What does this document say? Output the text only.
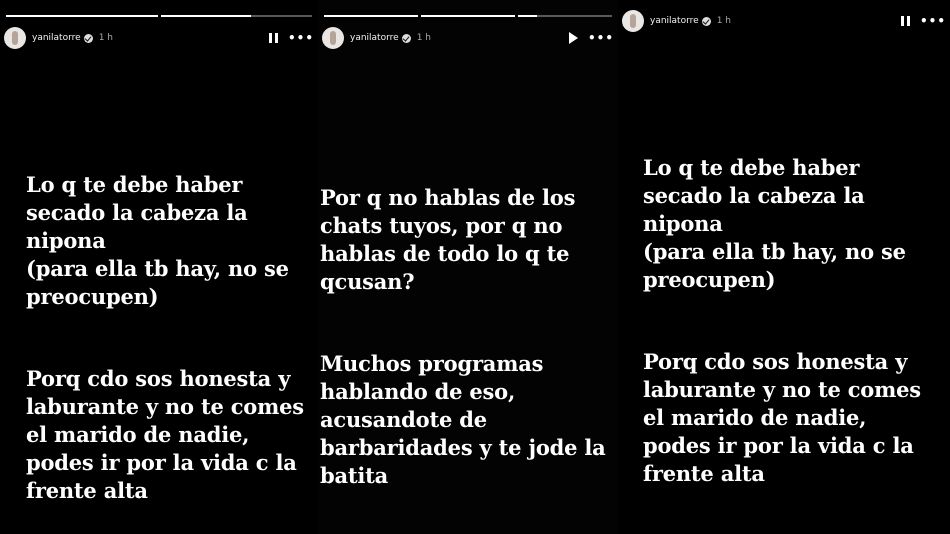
yanilatorre 1 h	•••

Lo q te debe haber
secado la cabeza la
nipona
(para ella tb hay, no se
preocupen)

Porq cdo sos honesta y
laburante y no te comes
el marido de nadie,
podes ir por la vida c la
frente alta

yanilatorre 1 h	•••

Por q no hablas de los
chats tuyos, por q no
hablas de todo lo q te
qcusan?

Muchos programas
hablando de eso,
acusandote de
barbaridades y te jode la
batita

yanilatorre 1 h	•••

Lo q te debe haber
secado la cabeza la
nipona
(para ella tb hay, no se
preocupen)

Porq cdo sos honesta y
laburante y no te comes
el marido de nadie,
podes ir por la vida c la
frente alta
